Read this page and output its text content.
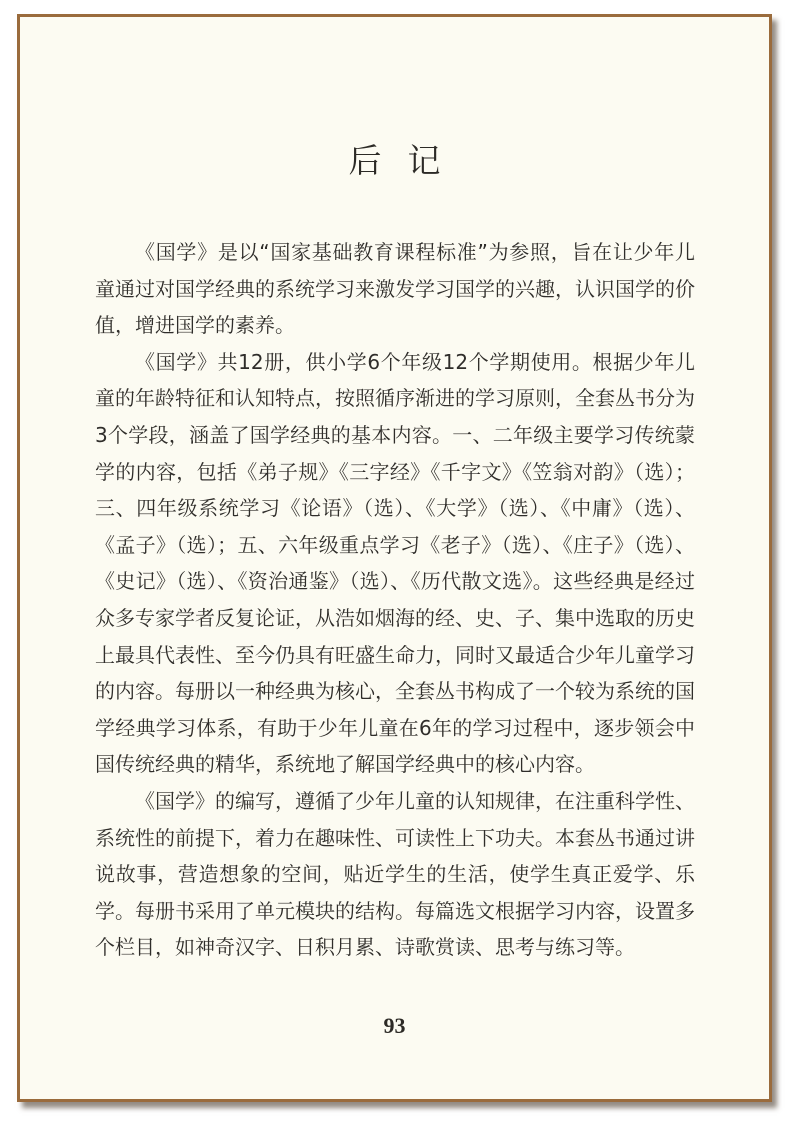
后记

《国学》是以“国家基础教育课程标准”为参照，旨在让少年儿童通过对国学经典的系统学习来激发学习国学的兴趣，认识国学的价值，增进国学的素养。

《国学》共12册，供小学6个年级12个学期使用。根据少年儿童的年龄特征和认知特点，按照循序渐进的学习原则，全套丛书分为3个学段，涵盖了国学经典的基本内容。一、二年级主要学习传统蒙学的内容，包括《弟子规》《三字经》《千字文》《笠翁对韵》（选）；三、四年级系统学习《论语》（选）、《大学》（选）、《中庸》（选）、《孟子》（选）；五、六年级重点学习《老子》（选）、《庄子》（选）、《史记》（选）、《资治通鉴》（选）、《历代散文选》。这些经典是经过众多专家学者反复论证，从浩如烟海的经、史、子、集中选取的历史上最具代表性、至今仍具有旺盛生命力，同时又最适合少年儿童学习的内容。每册以一种经典为核心，全套丛书构成了一个较为系统的国学经典学习体系，有助于少年儿童在6年的学习过程中，逐步领会中国传统经典的精华，系统地了解国学经典中的核心内容。

《国学》的编写，遵循了少年儿童的认知规律，在注重科学性、系统性的前提下，着力在趣味性、可读性上下功夫。本套丛书通过讲说故事，营造想象的空间，贴近学生的生活，使学生真正爱学、乐学。每册书采用了单元模块的结构。每篇选文根据学习内容，设置多个栏目，如神奇汉字、日积月累、诗歌赏读、思考与练习等。

93
